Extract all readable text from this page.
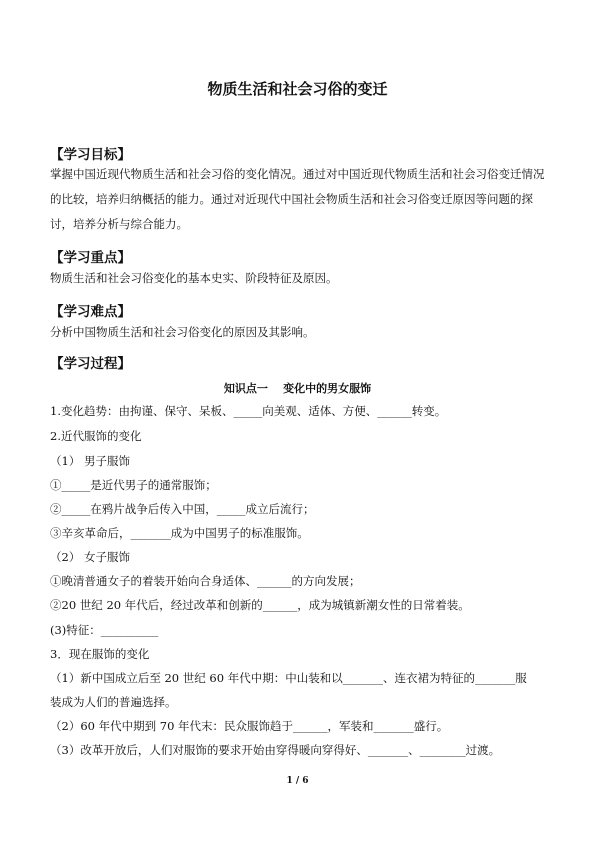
物质生活和社会习俗的变迁
【学习目标】
掌握中国近现代物质生活和社会习俗的变化情况。通过对中国近现代物质生活和社会习俗变迁情况的比较，培养归纳概括的能力。通过对近现代中国社会物质生活和社会习俗变迁原因等问题的探讨，培养分析与综合能力。
【学习重点】
物质生活和社会习俗变化的基本史实、阶段特征及原因。
【学习难点】
分析中国物质生活和社会习俗变化的原因及其影响。
【学习过程】
知识点一    变化中的男女服饰
1.变化趋势：由拘谨、保守、呆板、_____向美观、适体、方便、______转变。
2.近代服饰的变化
（1） 男子服饰
①_____是近代男子的通常服饰；
②_____在鸦片战争后传入中国，_____成立后流行；
③辛亥革命后，_______成为中国男子的标准服饰。
（2） 女子服饰
①晚清普通女子的着装开始向合身适体、______的方向发展；
②20 世纪 20 年代后，经过改革和创新的______，成为城镇新潮女性的日常着装。
(3)特征：__________
3．现在服饰的变化
（1）新中国成立后至 20 世纪 60 年代中期：中山装和以_______、连衣裙为特征的_______服
装成为人们的普遍选择。
（2）60 年代中期到 70 年代末：民众服饰趋于______，军装和_______盛行。
（3）改革开放后，人们对服饰的要求开始由穿得暖向穿得好、_______、________过渡。
1 / 6
